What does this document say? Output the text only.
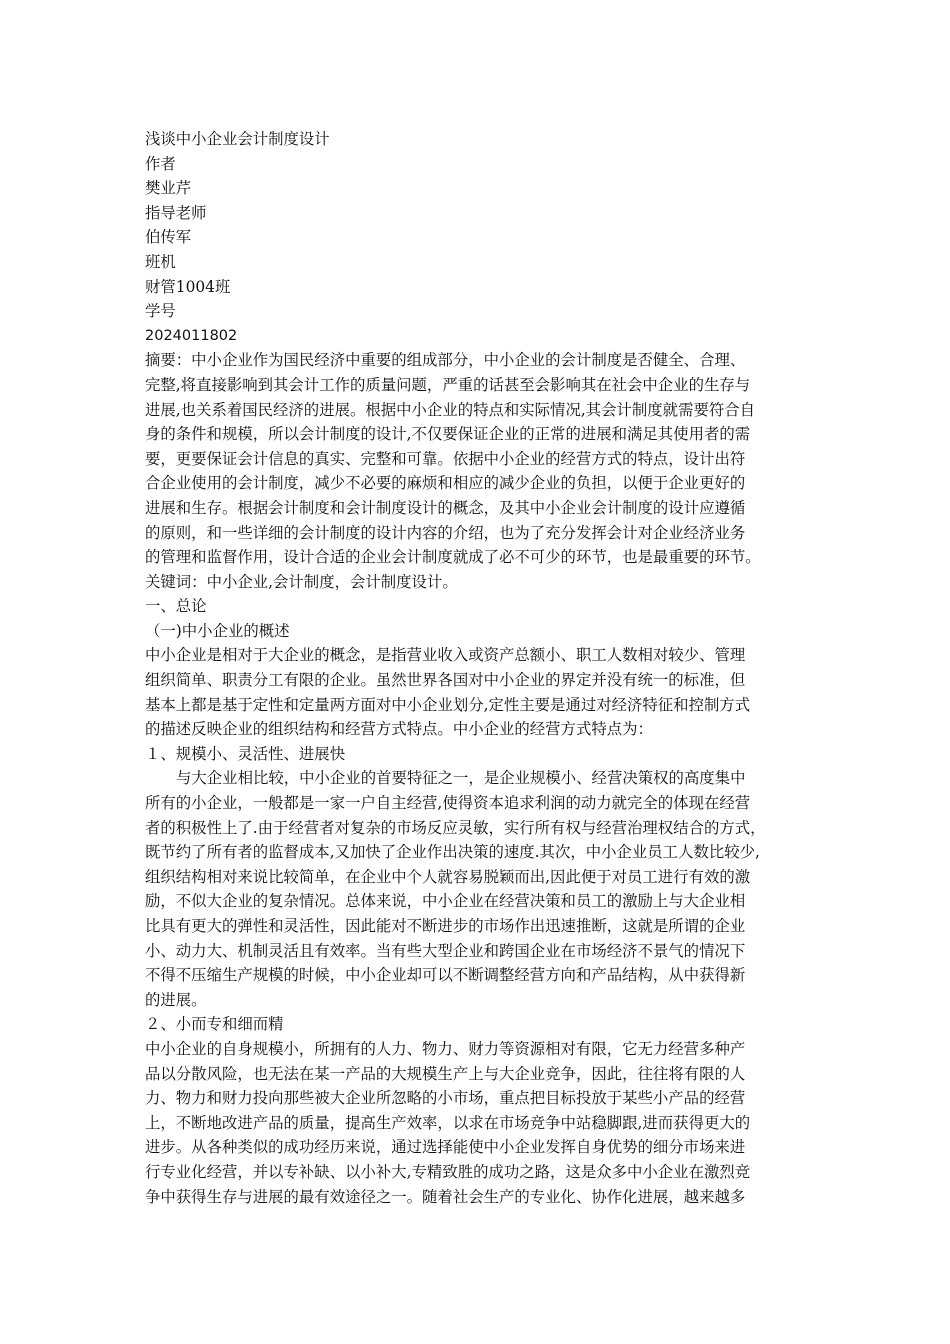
浅谈中小企业会计制度设计
作者
樊业芹
指导老师
伯传军
班机
财管1004班
学号
2024011802
摘要：中小企业作为国民经济中重要的组成部分，中小企业的会计制度是否健全、合理、
完整,将直接影响到其会计工作的质量问题，严重的话甚至会影响其在社会中企业的生存与
进展,也关系着国民经济的进展。根据中小企业的特点和实际情况,其会计制度就需要符合自
身的条件和规模，所以会计制度的设计,不仅要保证企业的正常的进展和满足其使用者的需
要，更要保证会计信息的真实、完整和可靠。依据中小企业的经营方式的特点，设计出符
合企业使用的会计制度，减少不必要的麻烦和相应的减少企业的负担，以便于企业更好的
进展和生存。根据会计制度和会计制度设计的概念，及其中小企业会计制度的设计应遵循
的原则，和一些详细的会计制度的设计内容的介绍，也为了充分发挥会计对企业经济业务
的管理和监督作用，设计合适的企业会计制度就成了必不可少的环节，也是最重要的环节。
关键词：中小企业,会计制度，会计制度设计。
一、总论
（一)中小企业的概述
中小企业是相对于大企业的概念，是指营业收入或资产总额小、职工人数相对较少、管理
组织简单、职责分工有限的企业。虽然世界各国对中小企业的界定并没有统一的标准，但
基本上都是基于定性和定量两方面对中小企业划分,定性主要是通过对经济特征和控制方式
的描述反映企业的组织结构和经营方式特点。中小企业的经营方式特点为：
１、规模小、灵活性、进展快
与大企业相比较，中小企业的首要特征之一，是企业规模小、经营决策权的高度集中
所有的小企业，一般都是一家一户自主经营,使得资本追求利润的动力就完全的体现在经营
者的积极性上了.由于经营者对复杂的市场反应灵敏，实行所有权与经营治理权结合的方式，
既节约了所有者的监督成本,又加快了企业作出决策的速度.其次，中小企业员工人数比较少,
组织结构相对来说比较简单，在企业中个人就容易脱颖而出,因此便于对员工进行有效的激
励，不似大企业的复杂情况。总体来说，中小企业在经营决策和员工的激励上与大企业相
比具有更大的弹性和灵活性，因此能对不断进步的市场作出迅速推断，这就是所谓的企业
小、动力大、机制灵活且有效率。当有些大型企业和跨国企业在市场经济不景气的情况下
不得不压缩生产规模的时候，中小企业却可以不断调整经营方向和产品结构，从中获得新
的进展。
２、小而专和细而精
中小企业的自身规模小，所拥有的人力、物力、财力等资源相对有限，它无力经营多种产
品以分散风险，也无法在某一产品的大规模生产上与大企业竞争，因此，往往将有限的人
力、物力和财力投向那些被大企业所忽略的小市场，重点把目标投放于某些小产品的经营
上，不断地改进产品的质量，提高生产效率，以求在市场竞争中站稳脚跟,进而获得更大的
进步。从各种类似的成功经历来说，通过选择能使中小企业发挥自身优势的细分市场来进
行专业化经营，并以专补缺、以小补大,专精致胜的成功之路，这是众多中小企业在激烈竞
争中获得生存与进展的最有效途径之一。随着社会生产的专业化、协作化进展，越来越多
